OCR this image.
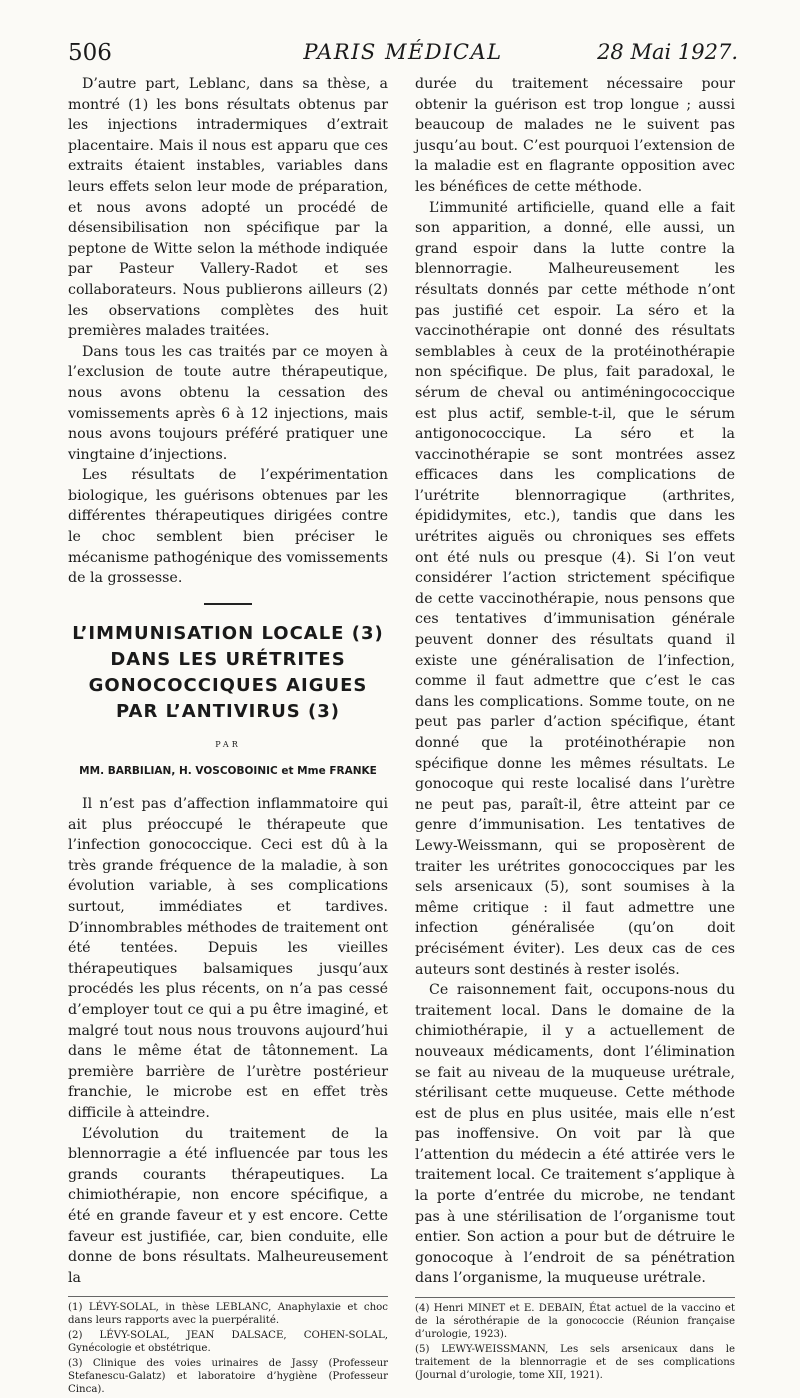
506	PARIS MÉDICAL	28 Mai 1927.

D’autre part, Leblanc, dans sa thèse, a montré (1) les bons résultats obtenus par les injections intradermiques d’extrait placentaire. Mais il nous est apparu que ces extraits étaient instables, variables dans leurs effets selon leur mode de préparation, et nous avons adopté un procédé de désensibilisation non spécifique par la peptone de Witte selon la méthode indiquée par Pasteur Vallery-Radot et ses collaborateurs. Nous publierons ailleurs (2) les observations complètes des huit premières malades traitées.

Dans tous les cas traités par ce moyen à l’exclusion de toute autre thérapeutique, nous avons obtenu la cessation des vomissements après 6 à 12 injections, mais nous avons toujours préféré pratiquer une vingtaine d’injections.

Les résultats de l’expérimentation biologique, les guérisons obtenues par les différentes thérapeutiques dirigées contre le choc semblent bien préciser le mécanisme pathogénique des vomissements de la grossesse.

L’IMMUNISATION LOCALE (3) DANS LES URÉTRITES GONOCOCCIQUES AIGUES PAR L’ANTIVIRUS (3)
PAR
MM. BARBILIAN, H. VOSCOBOINIC et Mme FRANKE

Il n’est pas d’affection inflammatoire qui ait plus préoccupé le thérapeute que l’infection gonococcique. Ceci est dû à la très grande fréquence de la maladie, à son évolution variable, à ses complications surtout, immédiates et tardives. D’innombrables méthodes de traitement ont été tentées. Depuis les vieilles thérapeutiques balsamiques jusqu’aux procédés les plus récents, on n’a pas cessé d’employer tout ce qui a pu être imaginé, et malgré tout nous nous trouvons aujourd’hui dans le même état de tâtonnement. La première barrière de l’urètre postérieur franchie, le microbe est en effet très difficile à atteindre.

L’évolution du traitement de la blennorragie a été influencée par tous les grands courants thérapeutiques. La chimiothérapie, non encore spécifique, a été en grande faveur et y est encore. Cette faveur est justifiée, car, bien conduite, elle donne de bons résultats. Malheureusement la

(1) LÉVY-SOLAL, in thèse LEBLANC, Anaphylaxie et choc dans leurs rapports avec la puerpéralité.

(2) LÉVY-SOLAL, JEAN DALSACE, COHEN-SOLAL, Gynécologie et obstétrique.

(3) Clinique des voies urinaires de Jassy (Professeur Stefanescu-Galatz) et laboratoire d’hygiène (Professeur Cinca).

durée du traitement nécessaire pour obtenir la guérison est trop longue ; aussi beaucoup de malades ne le suivent pas jusqu’au bout. C’est pourquoi l’extension de la maladie est en flagrante opposition avec les bénéfices de cette méthode.

L’immunité artificielle, quand elle a fait son apparition, a donné, elle aussi, un grand espoir dans la lutte contre la blennorragie. Malheureusement les résultats donnés par cette méthode n’ont pas justifié cet espoir. La séro et la vaccinothérapie ont donné des résultats semblables à ceux de la protéinothérapie non spécifique. De plus, fait paradoxal, le sérum de cheval ou antiméningococcique est plus actif, semble-t-il, que le sérum antigonococcique. La séro et la vaccinothérapie se sont montrées assez efficaces dans les complications de l’urétrite blennorragique (arthrites, épididymites, etc.), tandis que dans les urétrites aiguës ou chroniques ses effets ont été nuls ou presque (4). Si l’on veut considérer l’action strictement spécifique de cette vaccinothérapie, nous pensons que ces tentatives d’immunisation générale peuvent donner des résultats quand il existe une généralisation de l’infection, comme il faut admettre que c’est le cas dans les complications. Somme toute, on ne peut pas parler d’action spécifique, étant donné que la protéinothérapie non spécifique donne les mêmes résultats. Le gonocoque qui reste localisé dans l’urètre ne peut pas, paraît-il, être atteint par ce genre d’immunisation. Les tentatives de Lewy-Weissmann, qui se proposèrent de traiter les urétrites gonococciques par les sels arsenicaux (5), sont soumises à la même critique : il faut admettre une infection généralisée (qu’on doit précisément éviter). Les deux cas de ces auteurs sont destinés à rester isolés.

Ce raisonnement fait, occupons-nous du traitement local. Dans le domaine de la chimiothérapie, il y a actuellement de nouveaux médicaments, dont l’élimination se fait au niveau de la muqueuse urétrale, stérilisant cette muqueuse. Cette méthode est de plus en plus usitée, mais elle n’est pas inoffensive. On voit par là que l’attention du médecin a été attirée vers le traitement local. Ce traitement s’applique à la porte d’entrée du microbe, ne tendant pas à une stérilisation de l’organisme tout entier. Son action a pour but de détruire le gonocoque à l’endroit de sa pénétration dans l’organisme, la muqueuse urétrale.

(4) Henri MINET et E. DEBAIN, État actuel de la vaccino et de la sérothérapie de la gonococcie (Réunion française d’urologie, 1923).

(5) LEWY-WEISSMANN, Les sels arsenicaux dans le traitement de la blennorragie et de ses complications (Journal d’urologie, tome XII, 1921).
